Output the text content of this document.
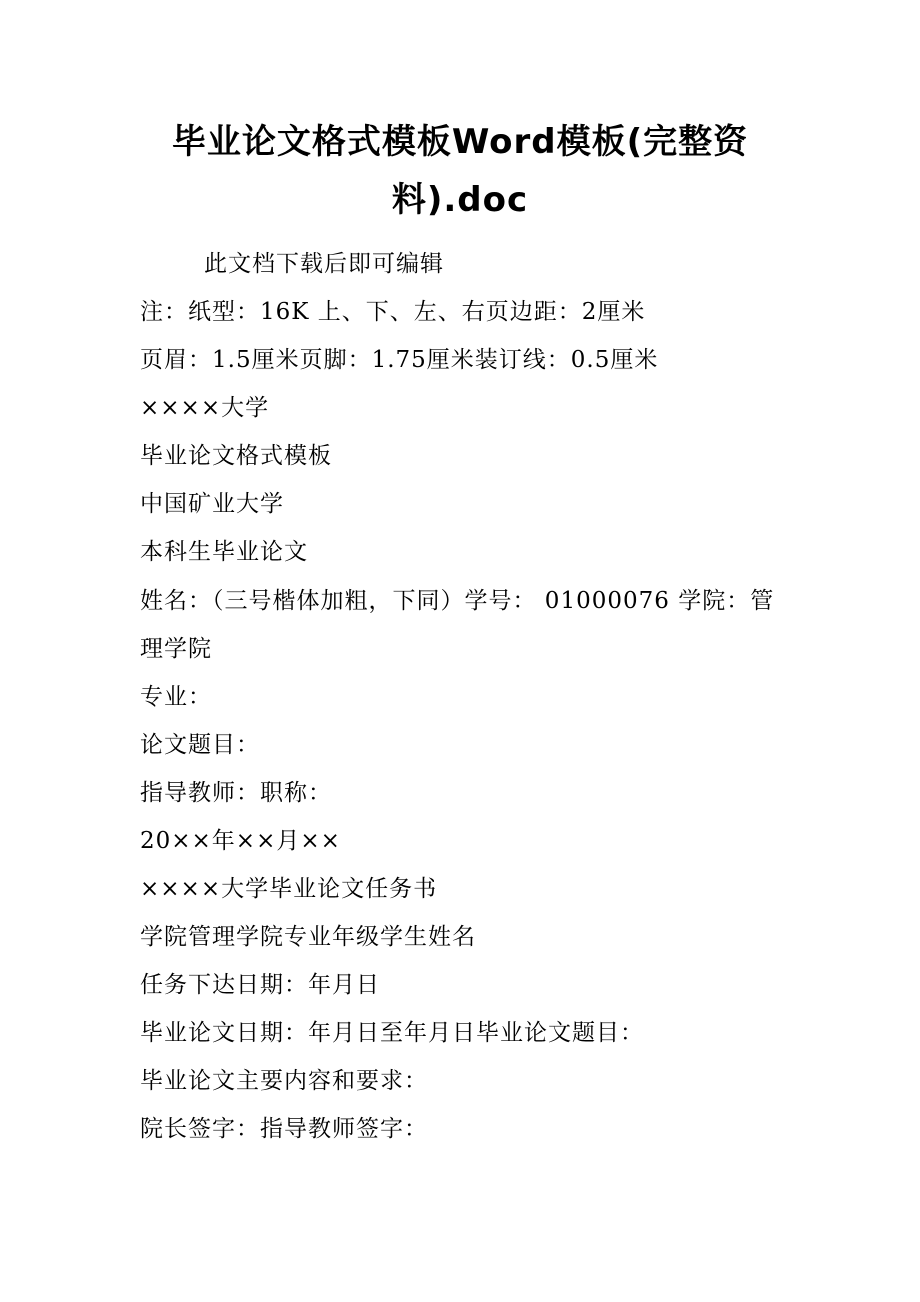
毕业论文格式模板Word模板(完整资
料).doc
此文档下载后即可编辑
注：纸型：16K 上、下、左、右页边距：2厘米
页眉：1.5厘米页脚：1.75厘米装订线：0.5厘米
××××大学
毕业论文格式模板
中国矿业大学
本科生毕业论文
姓名：（三号楷体加粗，下同）学号： 01000076 学院：管
理学院
专业：
论文题目：
指导教师：职称：
20××年××月××
××××大学毕业论文任务书
学院管理学院专业年级学生姓名
任务下达日期：年月日
毕业论文日期：年月日至年月日毕业论文题目：
毕业论文主要内容和要求：
院长签字：指导教师签字：
